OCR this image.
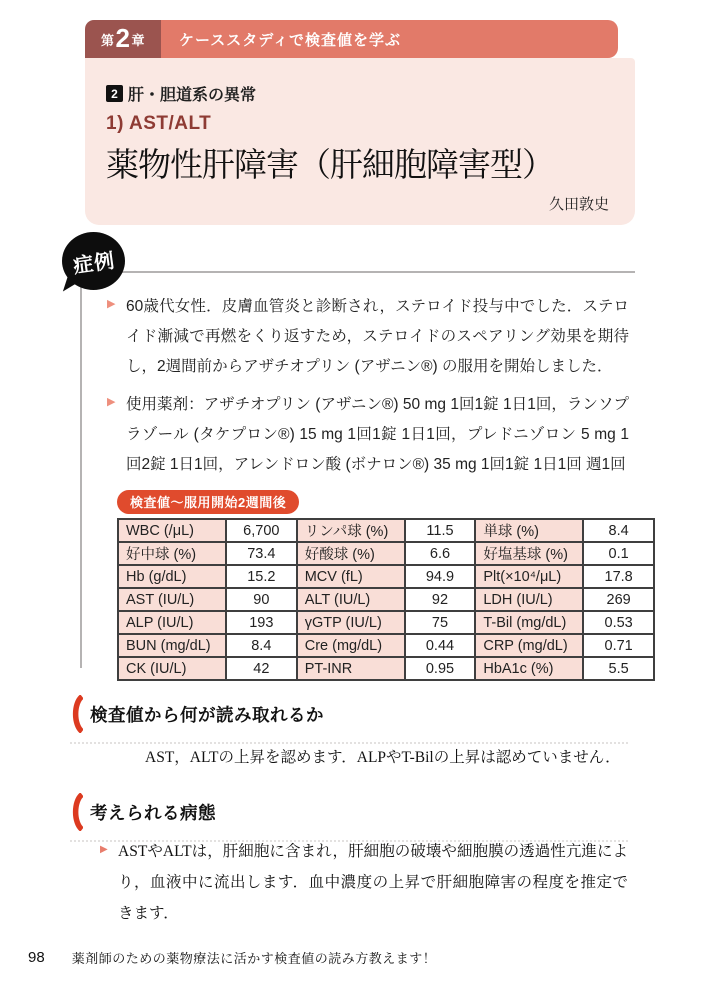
第 2 章 ケーススタディで検査値を学ぶ
2 肝・胆道系の異常
1) AST/ALT
薬物性肝障害（肝細胞障害型）
久田敦史
症例
▶ 60歳代女性．皮膚血管炎と診断され，ステロイド投与中でした．ステロイド漸減で再燃をくり返すため，ステロイドのスペアリング効果を期待し，2週間前からアザチオプリン (アザニン®) の服用を開始しました．
▶ 使用薬剤：アザチオプリン (アザニン®) 50 mg 1回1錠 1日1回，ランソプラゾール (タケプロン®) 15 mg 1回1錠 1日1回，プレドニゾロン 5 mg 1回2錠 1日1回，アレンドロン酸 (ボナロン®) 35 mg 1回1錠 1日1回 週1回
検査値〜服用開始2週間後
WBC (/μL)	6,700	リンパ球 (%)	11.5	単球 (%)	8.4
好中球 (%)	73.4	好酸球 (%)	6.6	好塩基球 (%)	0.1
Hb (g/dL)	15.2	MCV (fL)	94.9	Plt(×10⁴/μL)	17.8
AST (IU/L)	90	ALT (IU/L)	92	LDH (IU/L)	269
ALP (IU/L)	193	γGTP (IU/L)	75	T-Bil (mg/dL)	0.53
BUN (mg/dL)	8.4	Cre (mg/dL)	0.44	CRP (mg/dL)	0.71
CK (IU/L)	42	PT-INR	0.95	HbA1c (%)	5.5
検査値から何が読み取れるか
AST，ALTの上昇を認めます．ALPやT-Bilの上昇は認めていません．
考えられる病態
▶ ASTやALTは，肝細胞に含まれ，肝細胞の破壊や細胞膜の透過性亢進により，血液中に流出します．血中濃度の上昇で肝細胞障害の程度を推定できます．
98 薬剤師のための薬物療法に活かす検査値の読み方教えます！
